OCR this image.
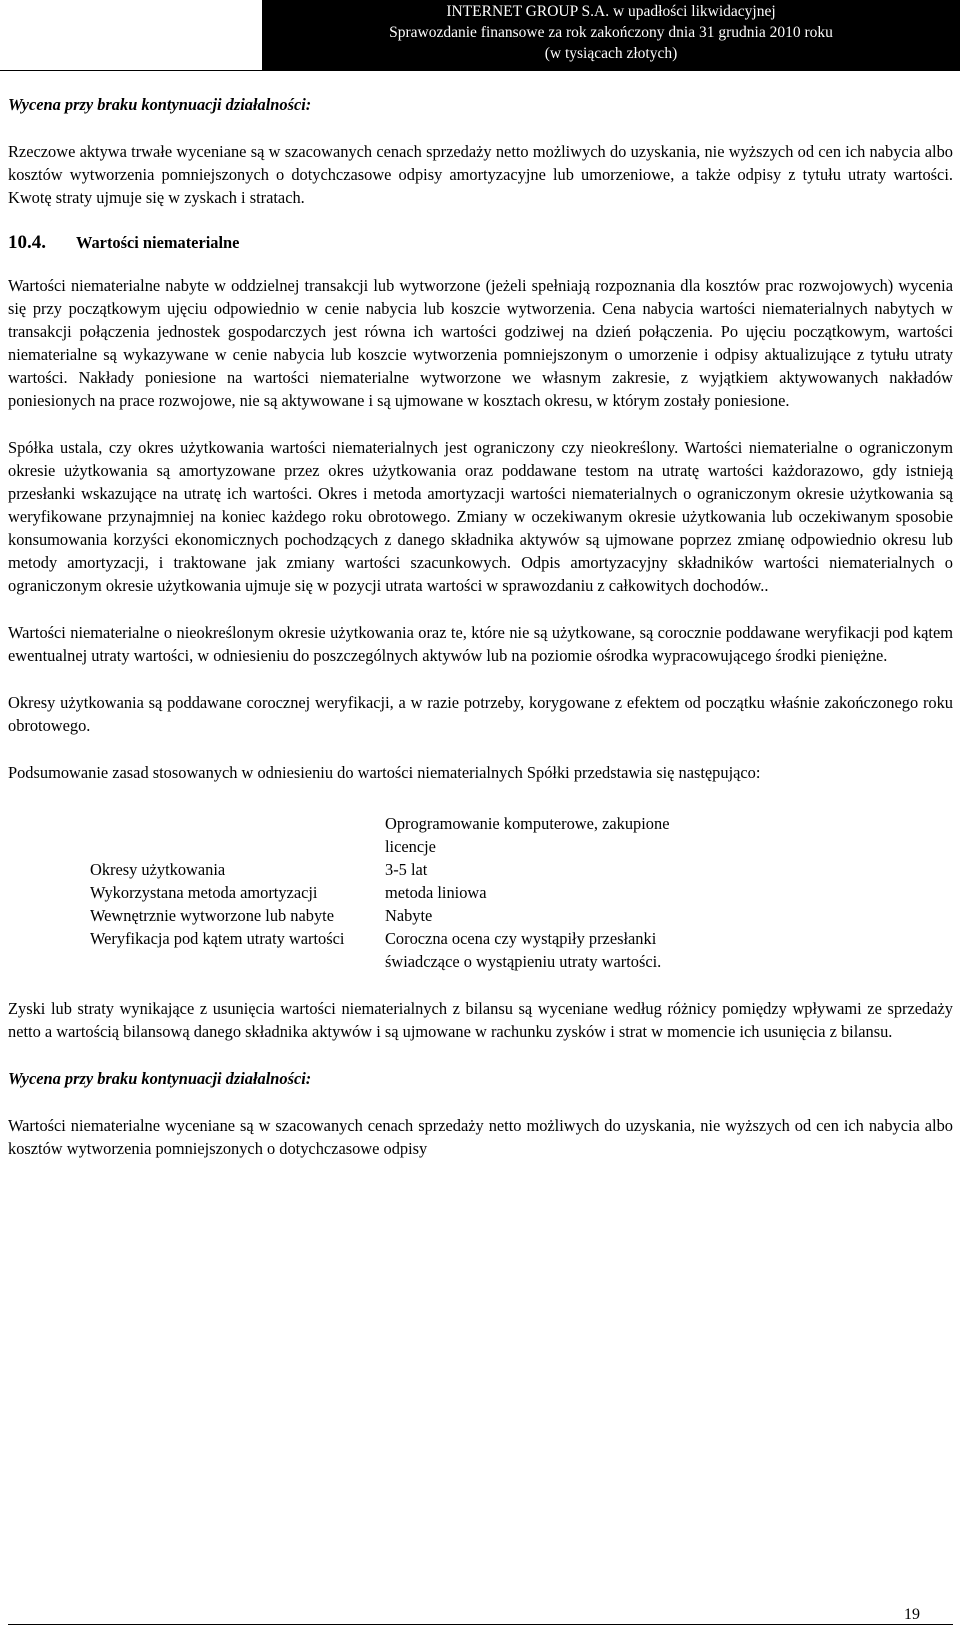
INTERNET GROUP S.A. w upadłości likwidacyjnej
Sprawozdanie finansowe za rok zakończony dnia 31 grudnia 2010 roku
(w tysiącach złotych)

Wycena przy braku kontynuacji działalności:

Rzeczowe aktywa trwałe wyceniane są w szacowanych cenach sprzedaży netto możliwych do uzyskania, nie wyższych od cen ich nabycia albo kosztów wytworzenia pomniejszonych o dotychczasowe odpisy amortyzacyjne lub umorzeniowe, a także odpisy z tytułu utraty wartości. Kwotę straty ujmuje się w zyskach i stratach.

10.4.	Wartości niematerialne

Wartości niematerialne nabyte w oddzielnej transakcji lub wytworzone (jeżeli spełniają rozpoznania dla kosztów prac rozwojowych) wycenia się przy początkowym ujęciu odpowiednio w cenie nabycia lub koszcie wytworzenia. Cena nabycia wartości niematerialnych nabytych w transakcji połączenia jednostek gospodarczych jest równa ich wartości godziwej na dzień połączenia. Po ujęciu początkowym, wartości niematerialne są wykazywane w cenie nabycia lub koszcie wytworzenia pomniejszonym o umorzenie i odpisy aktualizujące z tytułu utraty wartości. Nakłady poniesione na wartości niematerialne wytworzone we własnym zakresie, z wyjątkiem aktywowanych nakładów poniesionych na prace rozwojowe, nie są aktywowane i są ujmowane w kosztach okresu, w którym zostały poniesione.

Spółka ustala, czy okres użytkowania wartości niematerialnych jest ograniczony czy nieokreślony. Wartości niematerialne o ograniczonym okresie użytkowania są amortyzowane przez okres użytkowania oraz poddawane testom na utratę wartości każdorazowo, gdy istnieją przesłanki wskazujące na utratę ich wartości. Okres i metoda amortyzacji wartości niematerialnych o ograniczonym okresie użytkowania są weryfikowane przynajmniej na koniec każdego roku obrotowego. Zmiany w oczekiwanym okresie użytkowania lub oczekiwanym sposobie konsumowania korzyści ekonomicznych pochodzących z danego składnika aktywów są ujmowane poprzez zmianę odpowiednio okresu lub metody amortyzacji, i traktowane jak zmiany wartości szacunkowych. Odpis amortyzacyjny składników wartości niematerialnych o ograniczonym okresie użytkowania ujmuje się w pozycji utrata wartości w sprawozdaniu z całkowitych dochodów..

Wartości niematerialne o nieokreślonym okresie użytkowania oraz te, które nie są użytkowane, są corocznie poddawane weryfikacji pod kątem ewentualnej utraty wartości, w odniesieniu do poszczególnych aktywów lub na poziomie ośrodka wypracowującego środki pieniężne.

Okresy użytkowania są poddawane corocznej weryfikacji, a w razie potrzeby, korygowane z efektem od początku właśnie zakończonego roku obrotowego.

Podsumowanie zasad stosowanych w odniesieniu do wartości niematerialnych Spółki przedstawia się następująco:

	Oprogramowanie komputerowe, zakupione licencje
Okresy użytkowania	3-5 lat
Wykorzystana metoda amortyzacji	metoda liniowa
Wewnętrznie wytworzone lub nabyte	Nabyte
Weryfikacja pod kątem utraty wartości	Coroczna ocena czy wystąpiły przesłanki świadczące o wystąpieniu utraty wartości.

Zyski lub straty wynikające z usunięcia wartości niematerialnych z bilansu są wyceniane według różnicy pomiędzy wpływami ze sprzedaży netto a wartością bilansową danego składnika aktywów i są ujmowane w rachunku zysków i strat w momencie ich usunięcia z bilansu.

Wycena przy braku kontynuacji działalności:

Wartości niematerialne wyceniane są w szacowanych cenach sprzedaży netto możliwych do uzyskania, nie wyższych od cen ich nabycia albo kosztów wytworzenia pomniejszonych o dotychczasowe odpisy

19
